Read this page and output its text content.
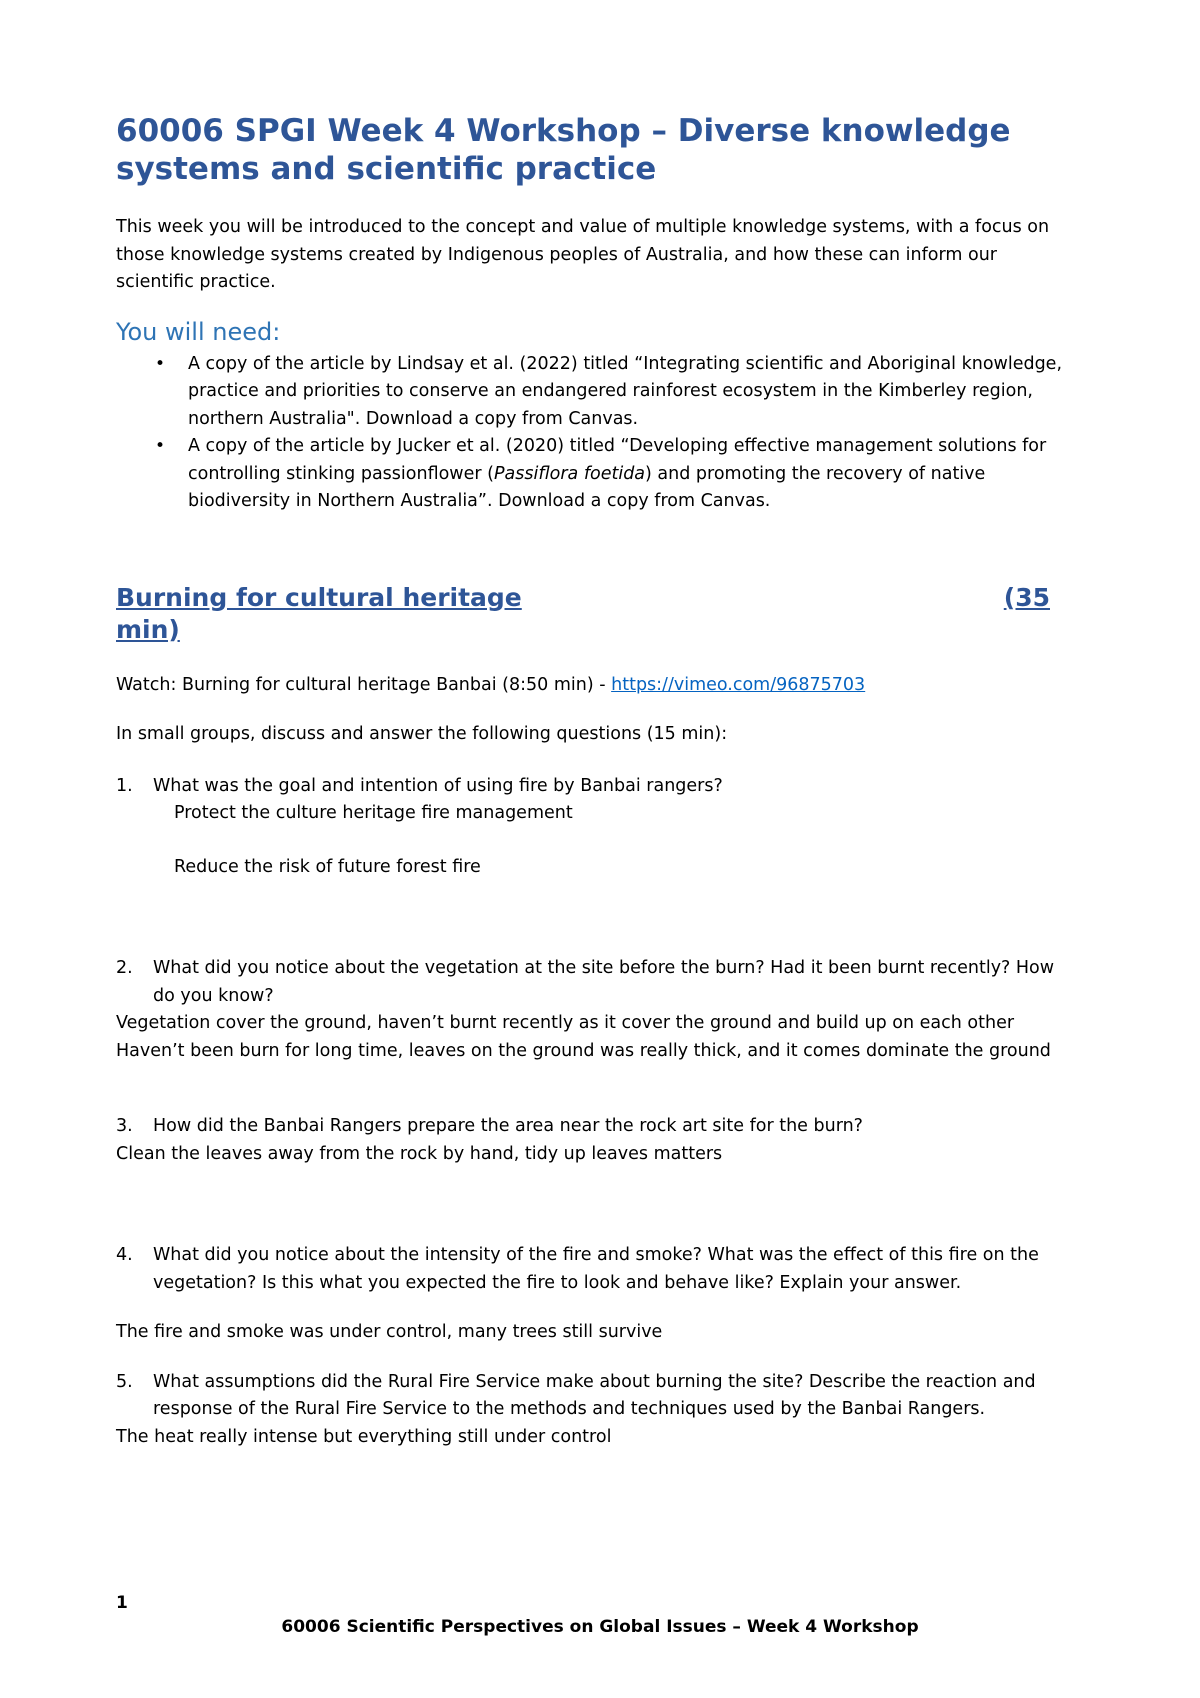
60006 SPGI Week 4 Workshop – Diverse knowledge
systems and scientific practice

This week you will be introduced to the concept and value of multiple knowledge systems, with a focus on those knowledge systems created by Indigenous peoples of Australia, and how these can inform our scientific practice.

You will need:
• A copy of the article by Lindsay et al. (2022) titled “Integrating scientific and Aboriginal knowledge, practice and priorities to conserve an endangered rainforest ecosystem in the Kimberley region, northern Australia". Download a copy from Canvas.
• A copy of the article by Jucker et al. (2020) titled “Developing effective management solutions for controlling stinking passionflower (Passiflora foetida) and promoting the recovery of native biodiversity in Northern Australia”. Download a copy from Canvas.
Burning for cultural heritage	(35
min)

Watch: Burning for cultural heritage Banbai (8:50 min) - https://vimeo.com/96875703

In small groups, discuss and answer the following questions (15 min):

1. What was the goal and intention of using fire by Banbai rangers?

Protect the culture heritage fire management

Reduce the risk of future forest fire

2. What did you notice about the vegetation at the site before the burn? Had it been burnt recently? How do you know?

Vegetation cover the ground, haven’t burnt recently as it cover the ground and build up on each other

Haven’t been burn for long time, leaves on the ground was really thick, and it comes dominate the ground

3. How did the Banbai Rangers prepare the area near the rock art site for the burn?

Clean the leaves away from the rock by hand, tidy up leaves matters

4. What did you notice about the intensity of the fire and smoke? What was the effect of this fire on the vegetation? Is this what you expected the fire to look and behave like? Explain your answer.

The fire and smoke was under control, many trees still survive

5. What assumptions did the Rural Fire Service make about burning the site? Describe the reaction and response of the Rural Fire Service to the methods and techniques used by the Banbai Rangers.

The heat really intense but everything still under control

1
60006 Scientific Perspectives on Global Issues – Week 4 Workshop
